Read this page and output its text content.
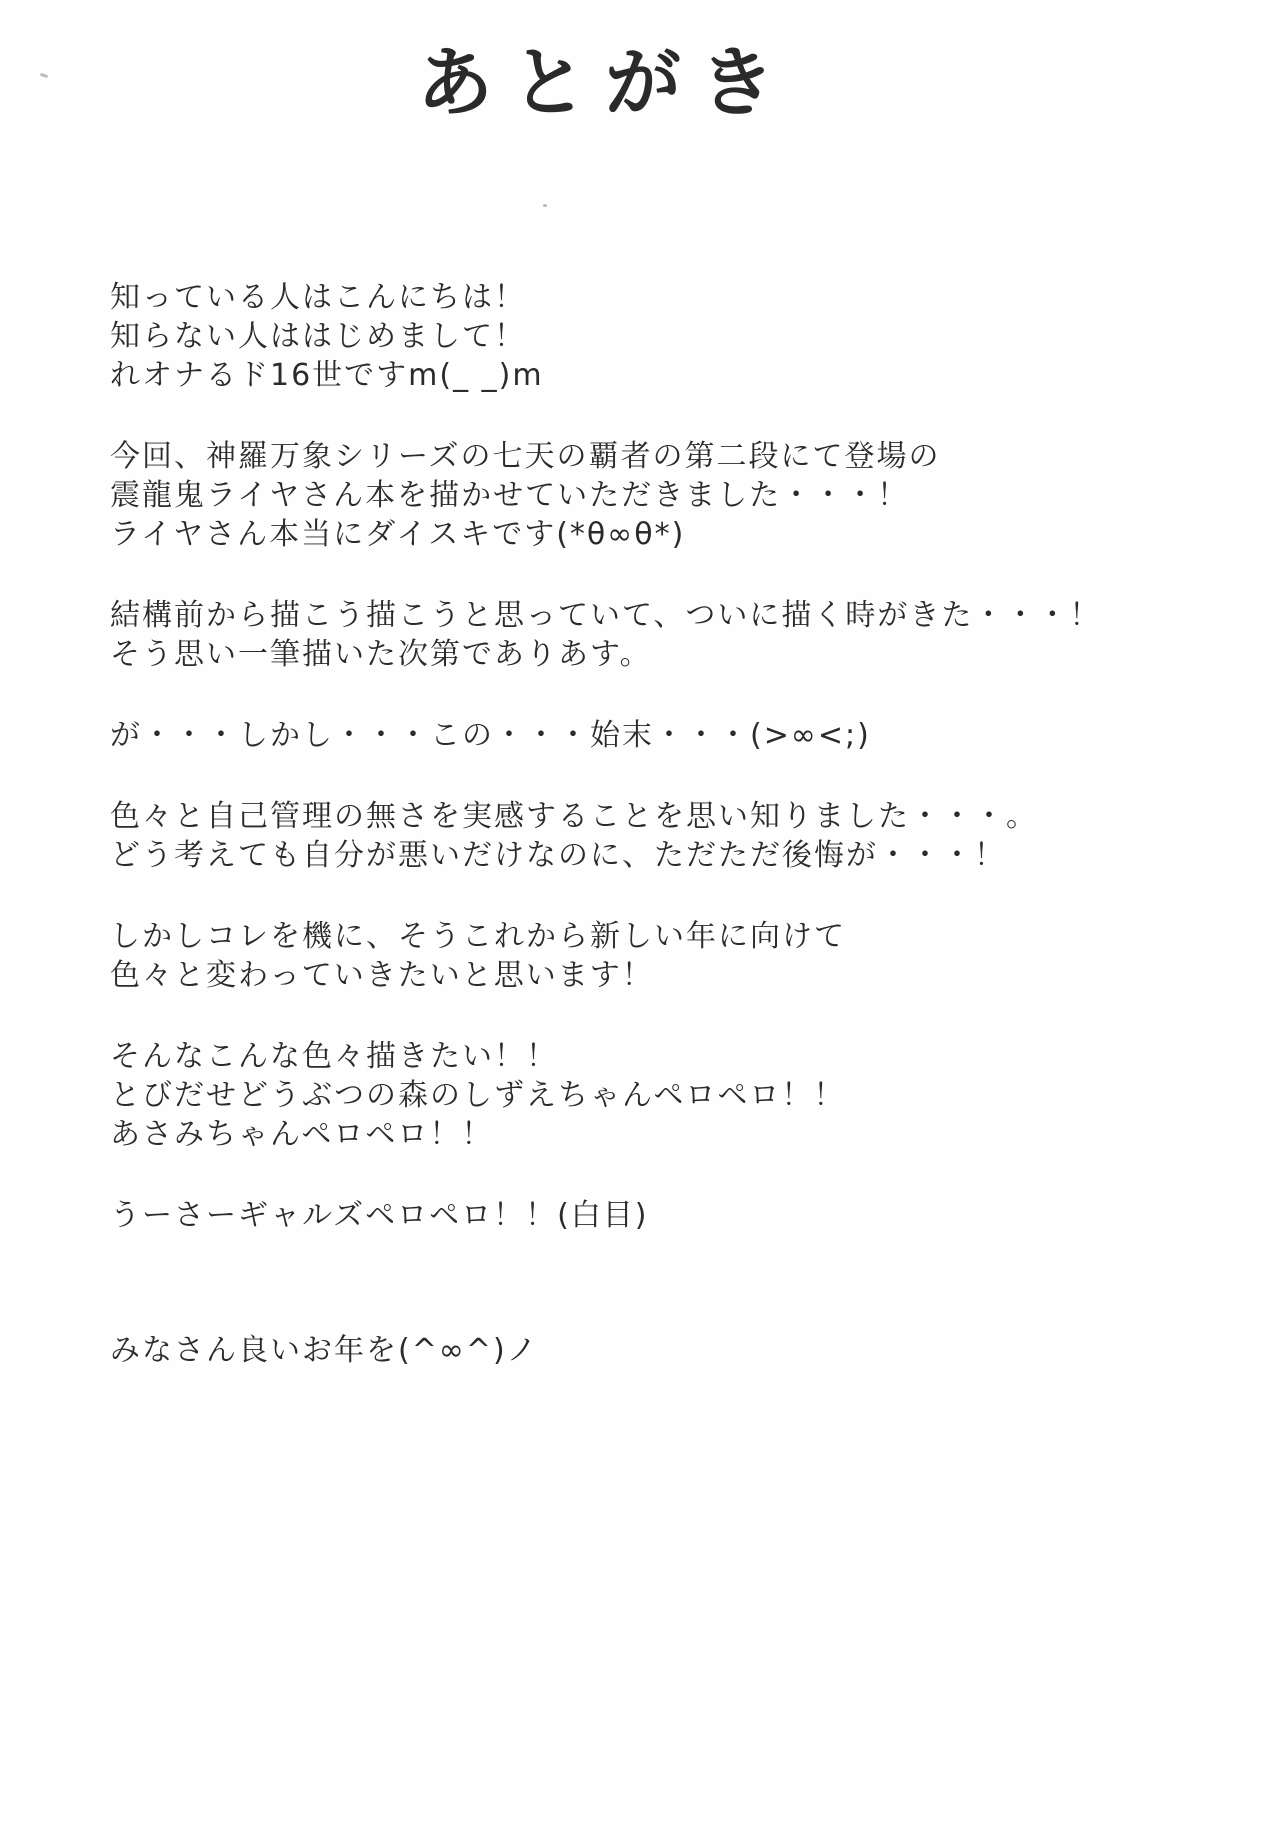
あとがき

知っている人はこんにちは！
知らない人ははじめまして！
れオナるド16世ですm(_ _)m

今回、神羅万象シリーズの七天の覇者の第二段にて登場の
震龍鬼ライヤさん本を描かせていただきました・・・！
ライヤさん本当にダイスキです(*θ∞θ*)

結構前から描こう描こうと思っていて、ついに描く時がきた・・・！
そう思い一筆描いた次第でありあす。

が・・・しかし・・・この・・・始末・・・(>∞<;)

色々と自己管理の無さを実感することを思い知りました・・・。
どう考えても自分が悪いだけなのに、ただただ後悔が・・・！

しかしコレを機に、そうこれから新しい年に向けて
色々と変わっていきたいと思います！

そんなこんな色々描きたい！！
とびだせどうぶつの森のしずえちゃんペロペロ！！
あさみちゃんペロペロ！！

うーさーギャルズペロペロ！！(白目)

みなさん良いお年を(^∞^)ノ
